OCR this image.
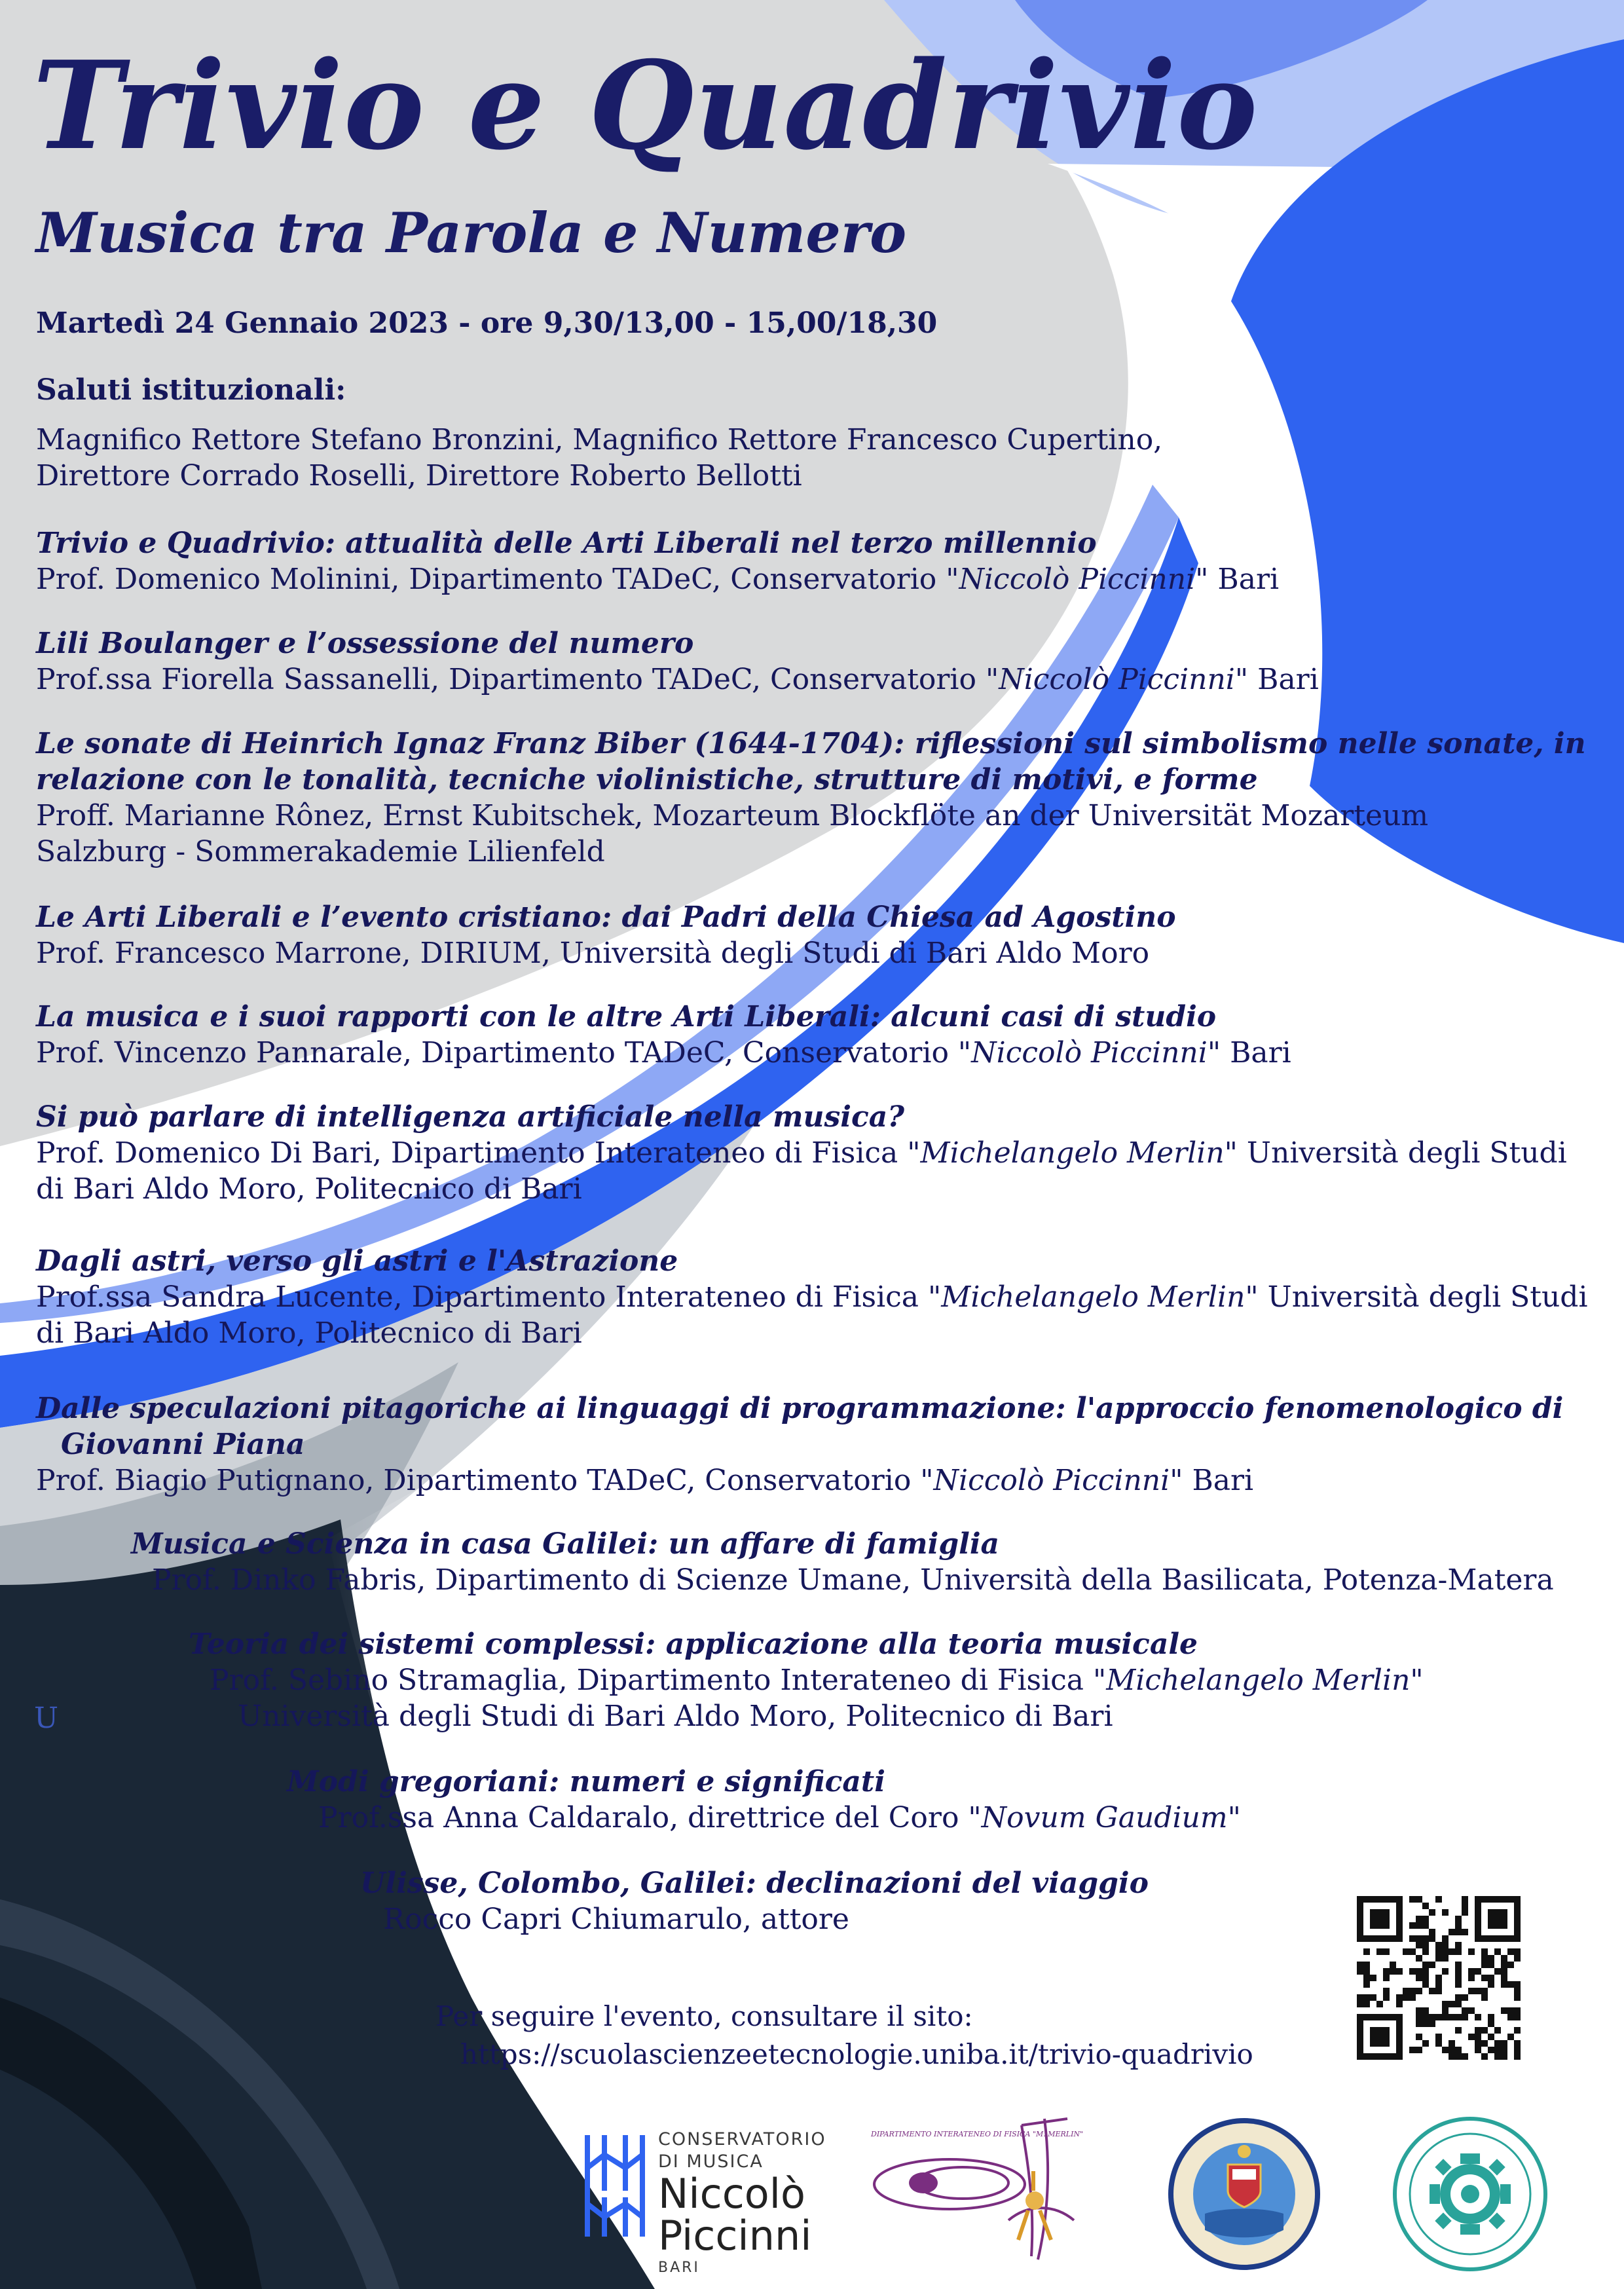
Trivio e Quadrivio
Musica tra Parola e Numero
Martedì 24 Gennaio 2023 - ore 9,30/13,00 - 15,00/18,30
Saluti istituzionali:
Magnifico Rettore Stefano Bronzini, Magnifico Rettore Francesco Cupertino,
Direttore Corrado Roselli, Direttore Roberto Bellotti
Trivio e Quadrivio: attualità delle Arti Liberali nel terzo millennio
Prof. Domenico Molinini, Dipartimento TADeC, Conservatorio "Niccolò Piccinni" Bari
Lili Boulanger e l’ossessione del numero
Prof.ssa Fiorella Sassanelli, Dipartimento TADeC, Conservatorio "Niccolò Piccinni" Bari
Le sonate di Heinrich Ignaz Franz Biber (1644-1704): riflessioni sul simbolismo nelle sonate, in
relazione con le tonalità, tecniche violinistiche, strutture di motivi, e forme
Proff. Marianne Rônez, Ernst Kubitschek, Mozarteum Blockflöte an der Universität Mozarteum
Salzburg - Sommerakademie Lilienfeld
Le Arti Liberali e l’evento cristiano: dai Padri della Chiesa ad Agostino
Prof. Francesco Marrone, DIRIUM, Università degli Studi di Bari Aldo Moro
La musica e i suoi rapporti con le altre Arti Liberali: alcuni casi di studio
Prof. Vincenzo Pannarale, Dipartimento TADeC, Conservatorio "Niccolò Piccinni" Bari
Si può parlare di intelligenza artificiale nella musica?
Prof. Domenico Di Bari, Dipartimento Interateneo di Fisica "Michelangelo Merlin" Università degli Studi
di Bari Aldo Moro, Politecnico di Bari
Dagli astri, verso gli astri e l'Astrazione
Prof.ssa Sandra Lucente, Dipartimento Interateneo di Fisica "Michelangelo Merlin" Università degli Studi
di Bari Aldo Moro, Politecnico di Bari
Dalle speculazioni pitagoriche ai linguaggi di programmazione: l'approccio fenomenologico di
Giovanni Piana
Prof. Biagio Putignano, Dipartimento TADeC, Conservatorio "Niccolò Piccinni" Bari
Musica e Scienza in casa Galilei: un affare di famiglia
Prof. Dinko Fabris, Dipartimento di Scienze Umane, Università della Basilicata, Potenza-Matera
Teoria dei sistemi complessi: applicazione alla teoria musicale
Prof. Sebino Stramaglia, Dipartimento Interateneo di Fisica "Michelangelo Merlin"
Università degli Studi di Bari Aldo Moro, Politecnico di Bari
U
Modi gregoriani: numeri e significati
Prof.ssa Anna Caldaralo, direttrice del Coro "Novum Gaudium"
Ulisse, Colombo, Galilei: declinazioni del viaggio
Rocco Capri Chiumarulo, attore
Per seguire l'evento, consultare il sito:
https://scuolascienzeetecnologie.uniba.it/trivio-quadrivio
CONSERVATORIO
DI MUSICA
Niccolò
Piccinni
BARI
DIPARTIMENTO INTERATENEO DI FISICA "M. MERLIN"
